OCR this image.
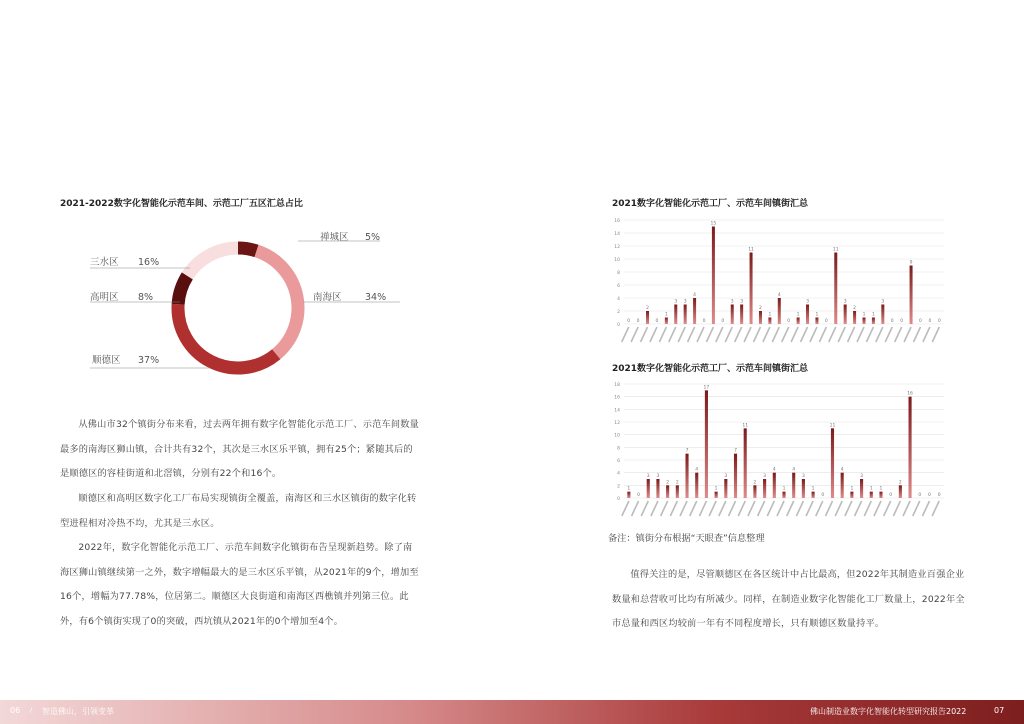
2021-2022数字化智能化示范车间、示范工厂五区汇总占比
禅城区 5%
南海区 34%
顺德区 37%
高明区 8%
三水区 16%
从佛山市32个镇街分布来看，过去两年拥有数字化智能化示范工厂、示范车间数量最多的南海区狮山镇，合计共有32个，其次是三水区乐平镇，拥有25个；紧随其后的是顺德区的容桂街道和北滘镇，分别有22个和16个。
顺德区和高明区数字化工厂布局实现镇街全覆盖，南海区和三水区镇街的数字化转型进程相对冷热不均，尤其是三水区。
2022年，数字化智能化示范工厂、示范车间数字化镇街布告呈现新趋势。除了南海区狮山镇继续第一之外，数字增幅最大的是三水区乐平镇，从2021年的9个，增加至16个，增幅为77.78%，位居第二。顺德区大良街道和南海区西樵镇并列第三位。此外，有6个镇街实现了0的突破，西坑镇从2021年的0个增加至4个。
2021数字化智能化示范工厂、示范车间镇街汇总
0
2
4
6
8
10
12
14
16
0 0
2
0
1
3 3
4
0
15
0
3 3
11
2
1
4
0
1
3
1
0
11
3
2
1 1
3
0 0
9
0 0 0
2021数字化智能化示范工厂、示范车间镇街汇总
0
2
4
6
8
10
12
14
16
18
1
0
3 3
2 2
7
4
17
1
3
7
11
2
3
4
1
4
3
1
0
11
4
1
3
1 1
0
2
16
0 0 0
备注：镇街分布根据“天眼查”信息整理
值得关注的是，尽管顺德区在各区统计中占比最高，但2022年其制造业百强企业数量和总营收可比均有所减少。同样，在制造业数字化智能化工厂数量上，2022年全市总量和西区均较前一年有不同程度增长，只有顺德区数量持平。
06 / 智造佛山，引领变革	佛山制造业数字化智能化转型研究报告2022	07
